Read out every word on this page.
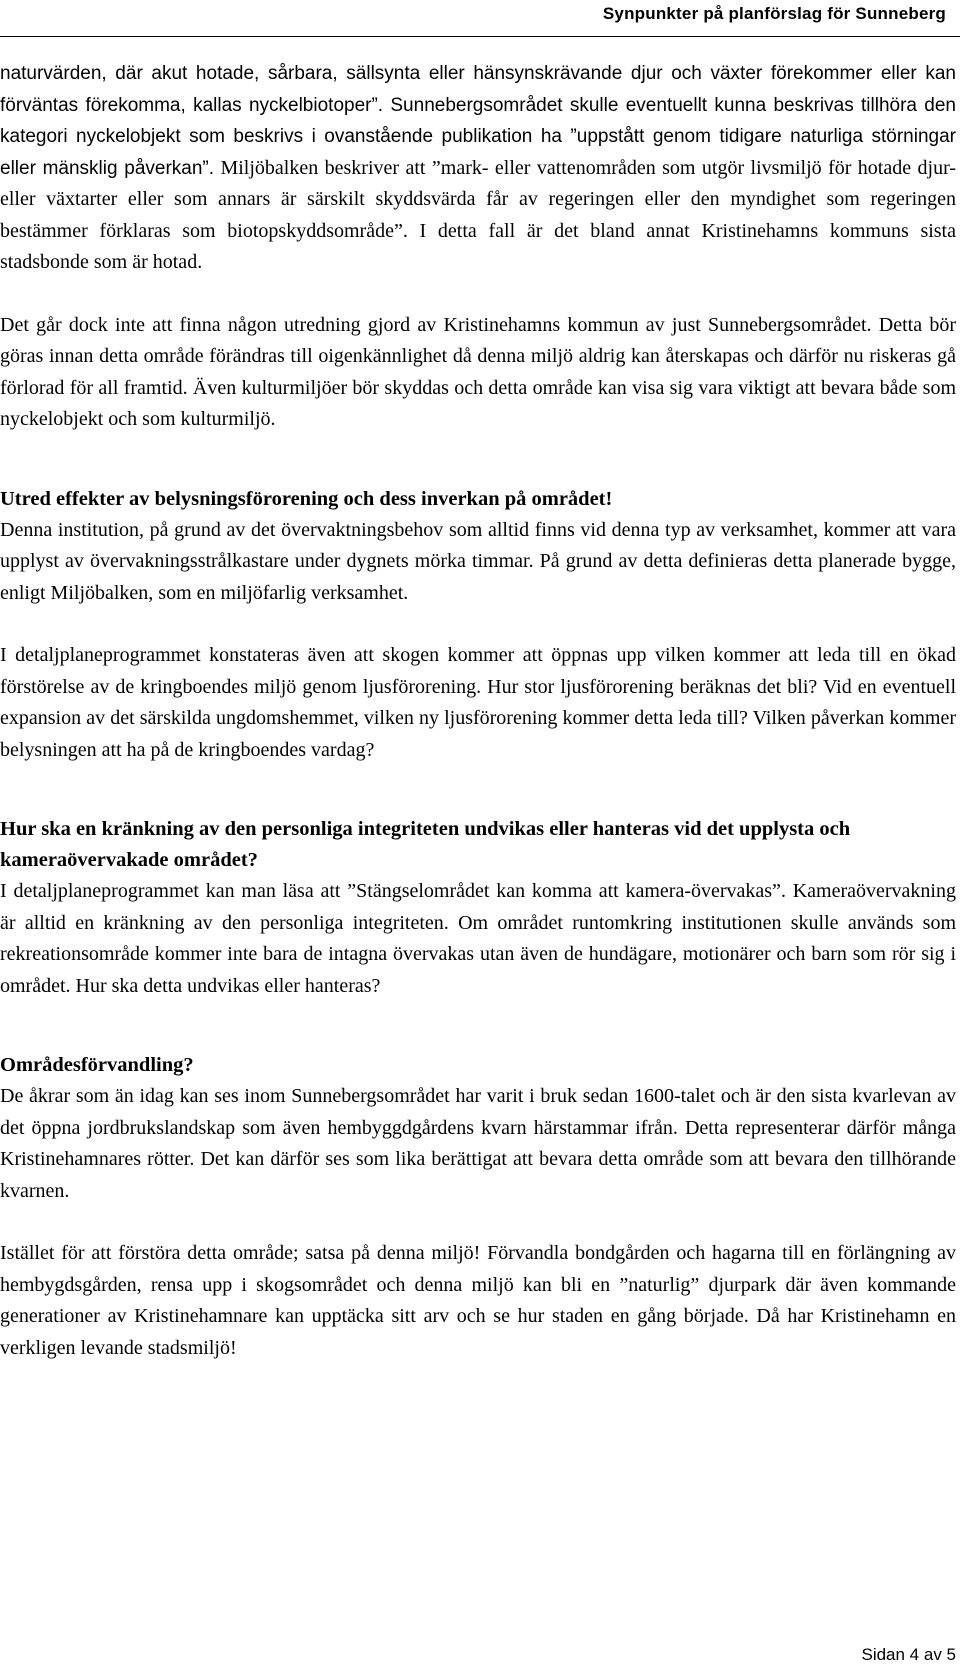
Synpunkter på planförslag för Sunneberg

naturvärden, där akut hotade, sårbara, sällsynta eller hänsynskrävande djur och växter förekommer eller kan förväntas förekomma, kallas nyckelbiotoper”. Sunnebergsområdet skulle eventuellt kunna beskrivas tillhöra den kategori nyckelobjekt som beskrivs i ovanstående publikation ha ”uppstått genom tidigare naturliga störningar eller mänsklig påverkan”. Miljöbalken beskriver att ”mark- eller vattenområden som utgör livsmiljö för hotade djur- eller växtarter eller som annars är särskilt skyddsvärda får av regeringen eller den myndighet som regeringen bestämmer förklaras som biotopskyddsområde”. I detta fall är det bland annat Kristinehamns kommuns sista stadsbonde som är hotad.

Det går dock inte att finna någon utredning gjord av Kristinehamns kommun av just Sunnebergsområdet. Detta bör göras innan detta område förändras till oigenkännlighet då denna miljö aldrig kan återskapas och därför nu riskeras gå förlorad för all framtid. Även kulturmiljöer bör skyddas och detta område kan visa sig vara viktigt att bevara både som nyckelobjekt och som kulturmiljö.

Utred effekter av belysningsförorening och dess inverkan på området!

Denna institution, på grund av det övervaktningsbehov som alltid finns vid denna typ av verksamhet, kommer att vara upplyst av övervakningsstrålkastare under dygnets mörka timmar. På grund av detta definieras detta planerade bygge, enligt Miljöbalken, som en miljöfarlig verksamhet.

I detaljplaneprogrammet konstateras även att skogen kommer att öppnas upp vilken kommer att leda till en ökad förstörelse av de kringboendes miljö genom ljusförorening. Hur stor ljusförorening beräknas det bli? Vid en eventuell expansion av det särskilda ungdomshemmet, vilken ny ljusförorening kommer detta leda till? Vilken påverkan kommer belysningen att ha på de kringboendes vardag?

Hur ska en kränkning av den personliga integriteten undvikas eller hanteras vid det upplysta och kameraövervakade området?

I detaljplaneprogrammet kan man läsa att ”Stängselområdet kan komma att kamera-övervakas”. Kameraövervakning är alltid en kränkning av den personliga integriteten. Om området runtomkring institutionen skulle används som rekreationsområde kommer inte bara de intagna övervakas utan även de hundägare, motionärer och barn som rör sig i området. Hur ska detta undvikas eller hanteras?

Områdesförvandling?

De åkrar som än idag kan ses inom Sunnebergsområdet har varit i bruk sedan 1600-talet och är den sista kvarlevan av det öppna jordbrukslandskap som även hembyggdgårdens kvarn härstammar ifrån. Detta representerar därför många Kristinehamnares rötter. Det kan därför ses som lika berättigat att bevara detta område som att bevara den tillhörande kvarnen.

Istället för att förstöra detta område; satsa på denna miljö! Förvandla bondgården och hagarna till en förlängning av hembygdsgården, rensa upp i skogsområdet och denna miljö kan bli en ”naturlig” djurpark där även kommande generationer av Kristinehamnare kan upptäcka sitt arv och se hur staden en gång började. Då har Kristinehamn en verkligen levande stadsmiljö!

Sidan 4 av 5
